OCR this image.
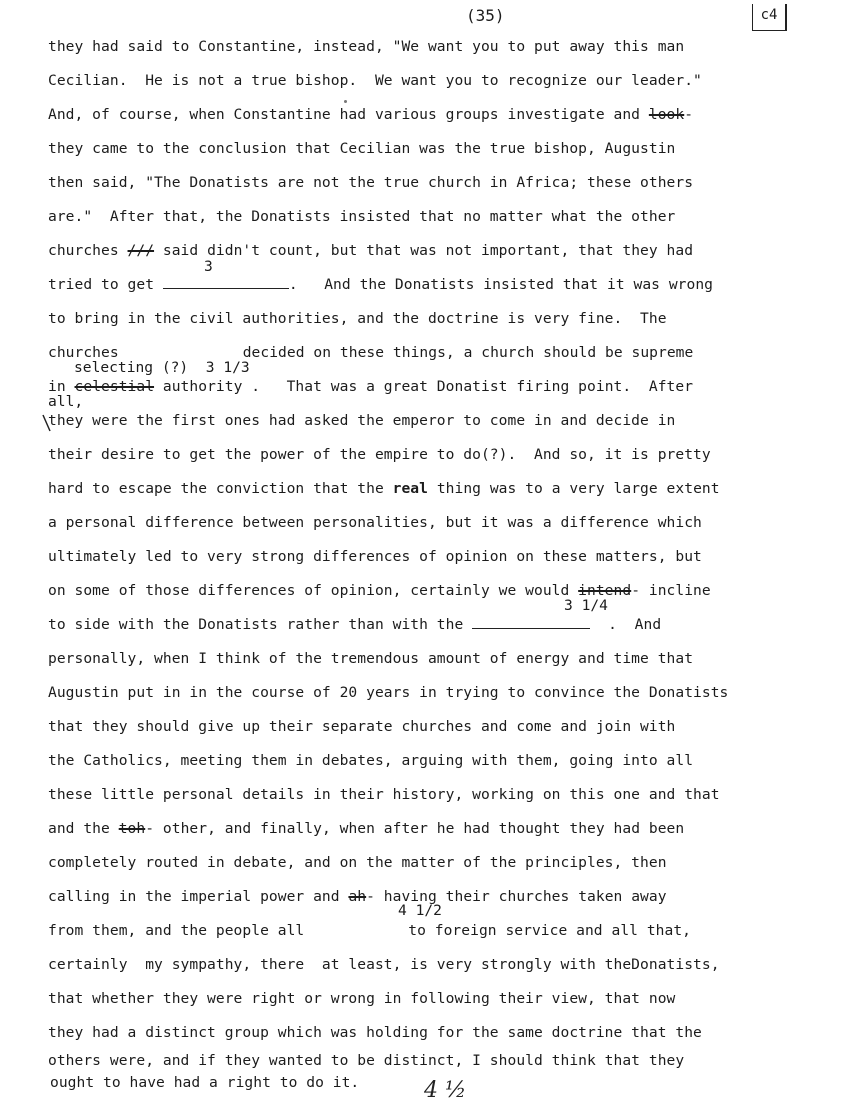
(35)	c4
they had said to Constantine, instead, "We want you to put away this man
Cecilian.  He is not a true bishop.  We want you to recognize our leader."
And, of course, when Constantine had various groups investigate and look-
they came to the conclusion that Cecilian was the true bishop, Augustin
then said, "The Donatists are not the true church in Africa; these others
are."  After that, the Donatists insisted that no matter what the other
churches /// said didn't count, but that was not important, that they had
3
tried to get	.   And the Donatists insisted that it was wrong
to bring in the civil authorities, and the doctrine is very fine.  The
churches	decided on these things, a church should be supreme
selecting (?)  3 1/3
in celestial authority .   That was a great Donatist firing point.  After
all,
they were the first ones had asked the emperor to come in and decide in
their desire to get the power of the empire to do(?).  And so, it is pretty
hard to escape the conviction that the real thing was to a very large extent
a personal difference between personalities, but it was a difference which
ultimately led to very strong differences of opinion on these matters, but
on some of those differences of opinion, certainly we would intend- incline
3 1/4
to side with the Donatists rather than with the	.  And
personally, when I think of the tremendous amount of energy and time that
Augustin put in in the course of 20 years in trying to convince the Donatists
that they should give up their separate churches and come and join with
the Catholics, meeting them in debates, arguing with them, going into all
these little personal details in their history, working on this one and that
and the toh- other, and finally, when after he had thought they had been
completely routed in debate, and on the matter of the principles, then
calling in the imperial power and ah- having their churches taken away
4 1/2
from them, and the people all	to foreign service and all that,
certainly  my sympathy, there  at least, is very strongly with theDonatists,
that whether they were right or wrong in following their view, that now
they had a distinct group which was holding for the same doctrine that the
others were, and if they wanted to be distinct, I should think that they
ought to have had a right to do it.	4 ½
